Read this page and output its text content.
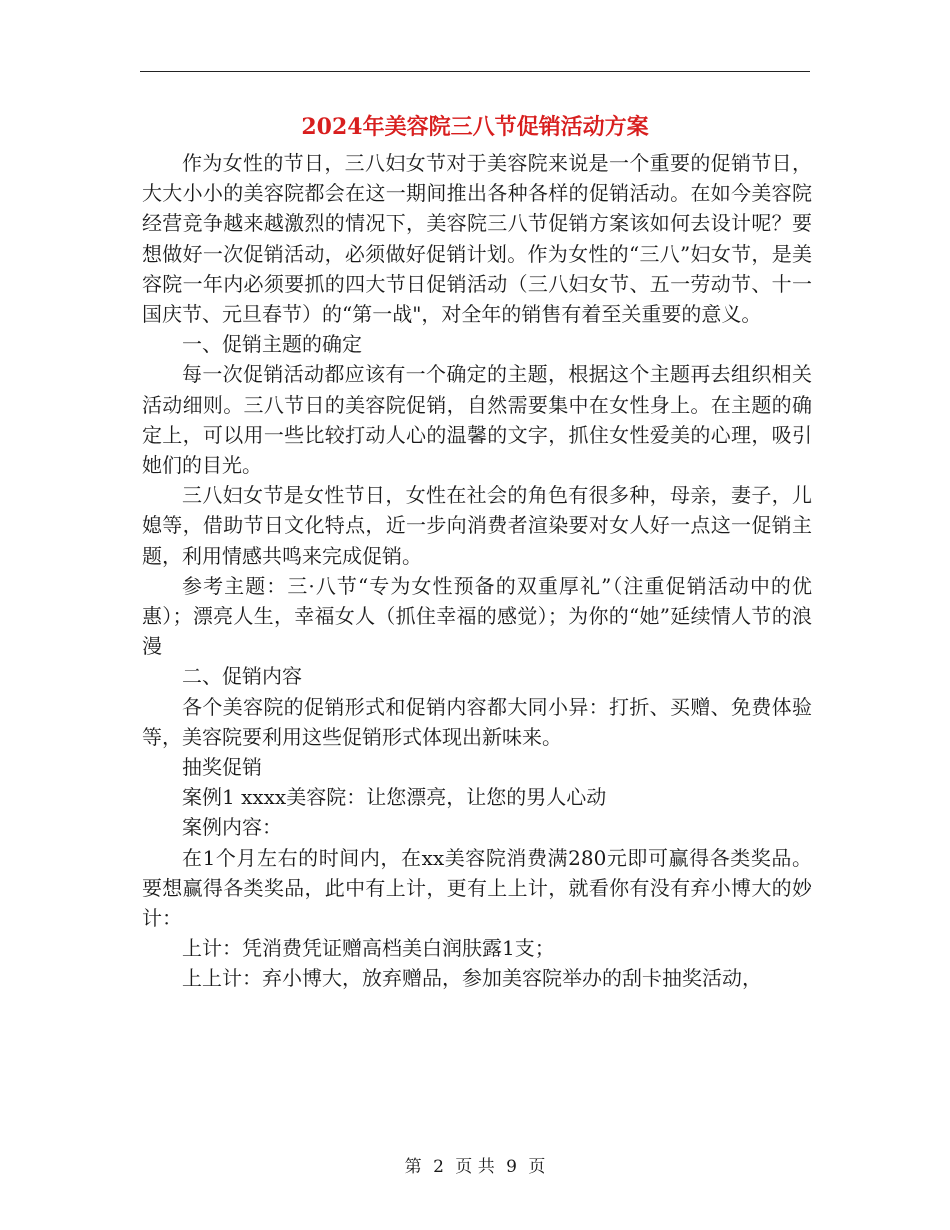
2024年美容院三八节促销活动方案

作为女性的节日，三八妇女节对于美容院来说是一个重要的促销节日，大大小小的美容院都会在这一期间推出各种各样的促销活动。在如今美容院经营竞争越来越激烈的情况下，美容院三八节促销方案该如何去设计呢？要想做好一次促销活动，必须做好促销计划。作为女性的“三八”妇女节，是美容院一年内必须要抓的四大节日促销活动（三八妇女节、五一劳动节、十一国庆节、元旦春节）的“第一战"，对全年的销售有着至关重要的意义。

一、促销主题的确定

每一次促销活动都应该有一个确定的主题，根据这个主题再去组织相关活动细则。三八节日的美容院促销，自然需要集中在女性身上。在主题的确定上，可以用一些比较打动人心的温馨的文字，抓住女性爱美的心理，吸引她们的目光。

三八妇女节是女性节日，女性在社会的角色有很多种，母亲，妻子，儿媳等，借助节日文化特点，近一步向消费者渲染要对女人好一点这一促销主题，利用情感共鸣来完成促销。

参考主题：三·八节“专为女性预备的双重厚礼”（注重促销活动中的优惠）；漂亮人生，幸福女人（抓住幸福的感觉）；为你的“她”延续情人节的浪漫

二、促销内容

各个美容院的促销形式和促销内容都大同小异：打折、买赠、免费体验等，美容院要利用这些促销形式体现出新味来。

抽奖促销

案例1 xxxx美容院：让您漂亮，让您的男人心动

案例内容：

在1个月左右的时间内，在xx美容院消费满280元即可赢得各类奖品。要想赢得各类奖品，此中有上计，更有上上计，就看你有没有弃小博大的妙计：

上计：凭消费凭证赠高档美白润肤露1支；

上上计：弃小博大，放弃赠品，参加美容院举办的刮卡抽奖活动，

第 2 页 共 9 页
